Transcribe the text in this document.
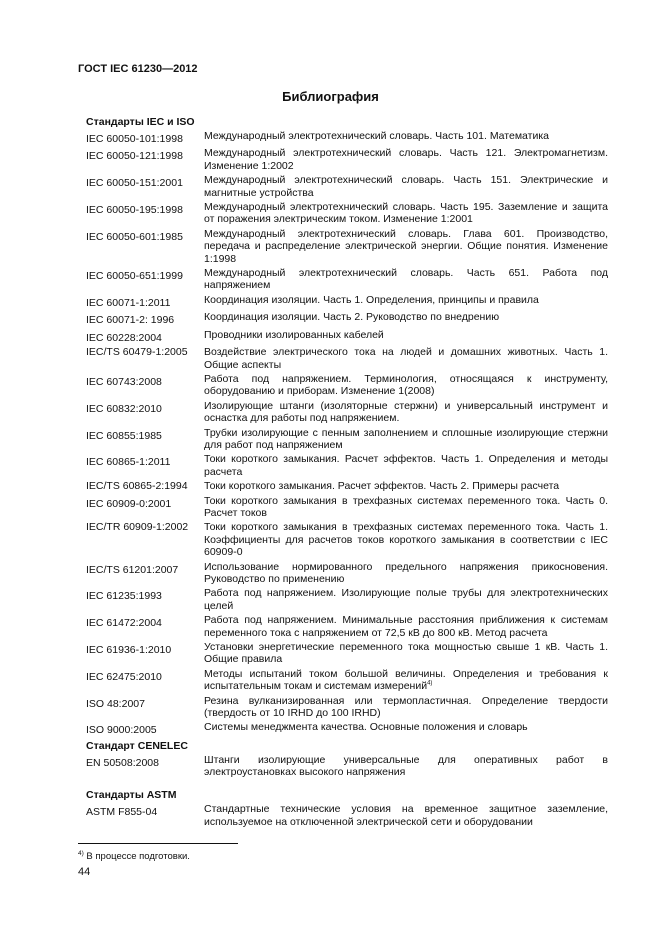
ГОСТ IEC 61230—2012
Библиография
Стандарты IEC и ISO
IEC 60050-101:1998	Международный электротехнический словарь. Часть 101. Математика
IEC 60050-121:1998	Международный электротехнический словарь. Часть 121. Электромагнетизм. Изменение 1:2002
IEC 60050-151:2001	Международный электротехнический словарь. Часть 151. Электрические и магнитные устройства
IEC 60050-195:1998	Международный электротехнический словарь. Часть 195. Заземление и защита от поражения электрическим током. Изменение 1:2001
IEC 60050-601:1985	Международный электротехнический словарь. Глава 601. Производство, передача и распределение электрической энергии. Общие понятия. Изменение 1:1998
IEC 60050-651:1999	Международный электротехнический словарь. Часть 651. Работа под напряжением
IEC 60071-1:2011	Координация изоляции. Часть 1. Определения, принципы и правила
IEC 60071-2: 1996	Координация изоляции. Часть 2. Руководство по внедрению
IEC 60228:2004	Проводники изолированных кабелей
IEC/TS 60479-1:2005	Воздействие электрического тока на людей и домашних животных. Часть 1. Общие аспекты
IEC 60743:2008	Работа под напряжением. Терминология, относящаяся к инструменту, оборудованию и приборам. Изменение 1(2008)
IEC 60832:2010	Изолирующие штанги (изоляторные стержни) и универсальный инструмент и оснастка для работы под напряжением.
IEC 60855:1985	Трубки изолирующие с пенным заполнением и сплошные изолирующие стержни для работ под напряжением
IEC 60865-1:2011	Токи короткого замыкания. Расчет эффектов. Часть 1. Определения и методы расчета
IEC/TS 60865-2:1994	Токи короткого замыкания. Расчет эффектов. Часть 2. Примеры расчета
IEC 60909-0:2001	Токи короткого замыкания в трехфазных системах переменного тока. Часть 0. Расчет токов
IEC/TR 60909-1:2002	Токи короткого замыкания в трехфазных системах переменного тока. Часть 1. Коэффициенты для расчетов токов короткого замыкания в соответствии с IEC 60909-0
IEC/TS 61201:2007	Использование нормированного предельного напряжения прикосновения. Руководство по применению
IEC 61235:1993	Работа под напряжением. Изолирующие полые трубы для электротехнических целей
IEC 61472:2004	Работа под напряжением. Минимальные расстояния приближения к системам переменного тока с напряжением от 72,5 кВ до 800 кВ. Метод расчета
IEC 61936-1:2010	Установки энергетические переменного тока мощностью свыше 1 кВ. Часть 1. Общие правила
IEC 62475:2010	Методы испытаний током большой величины. Определения и требования к испытательным токам и системам измерений$^{4)}$
ISO 48:2007	Резина вулканизированная или термопластичная. Определение твердости (твердость от 10 IRHD до 100 IRHD)
ISO 9000:2005	Системы менеджмента качества. Основные положения и словарь
Стандарт CENELEC
EN 50508:2008	Штанги изолирующие универсальные для оперативных работ в электроустановках высокого напряжения
Стандарты ASTM
ASTM F855-04	Стандартные технические условия на временное защитное заземление, используемое на отключенной электрической сети и оборудовании
$^{4)}$ В процессе подготовки.
44
